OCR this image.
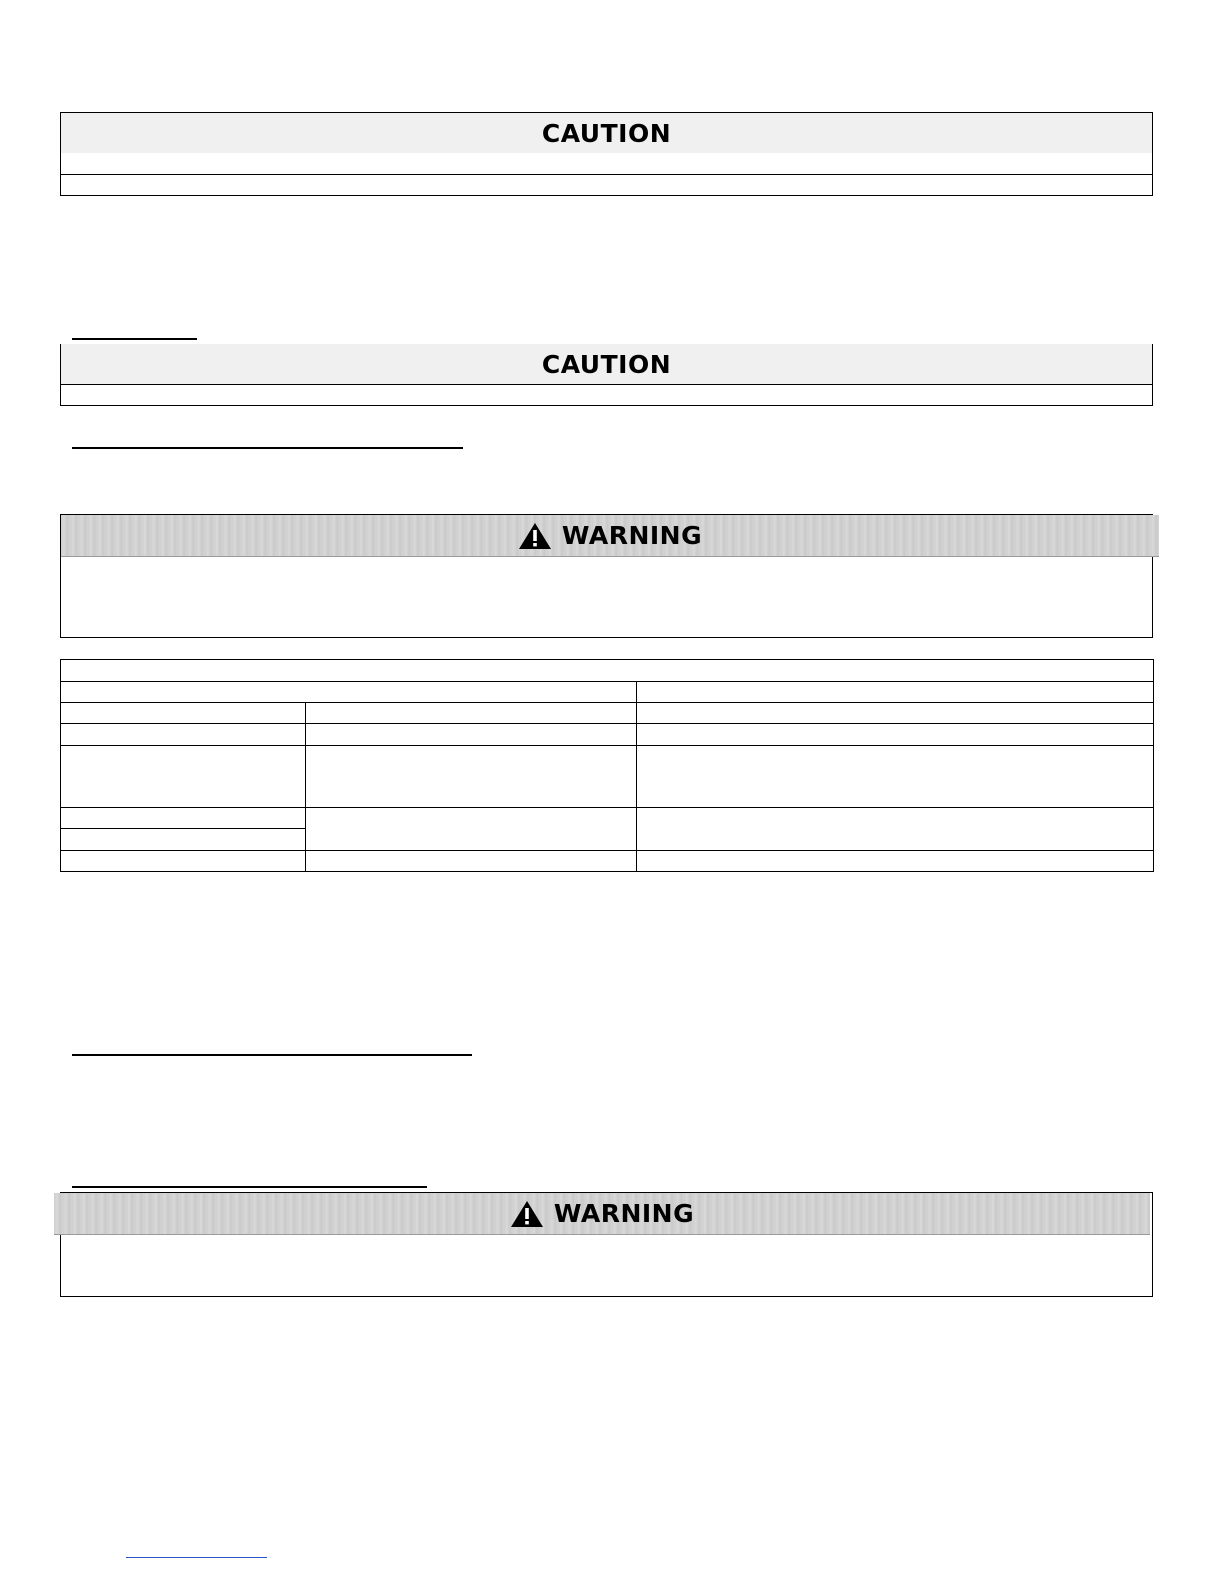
CAUTION
CAUTION
WARNING

WARNING
